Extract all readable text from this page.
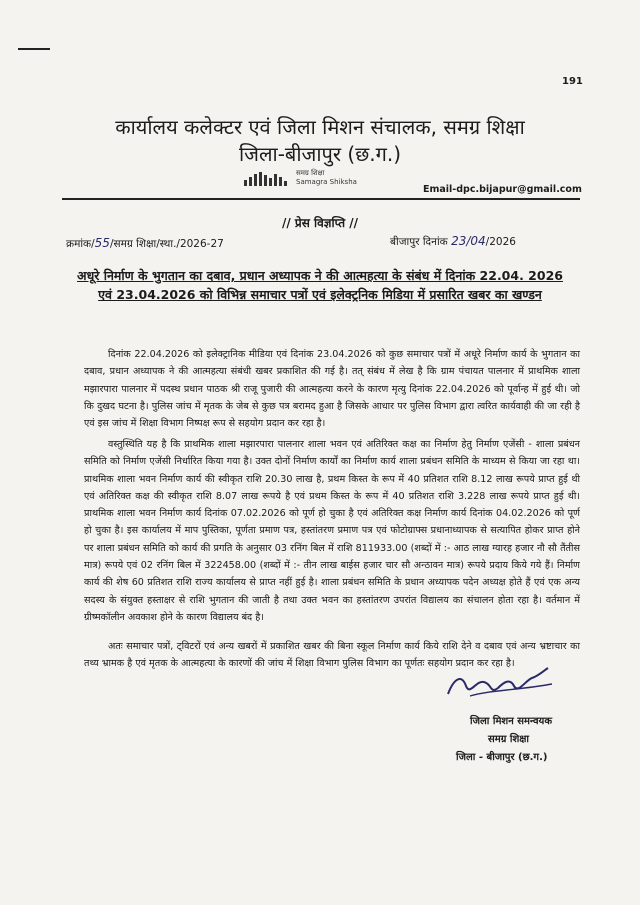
191
कार्यालय कलेक्टर एवं जिला मिशन संचालक, समग्र शिक्षा
जिला-बीजापुर (छ.ग.)
समग्र शिक्षा
Samagra Shiksha
Email-dpc.bijapur@gmail.com
// प्रेस विज्ञप्ति //
क्रमांक/55/समग्र शिक्षा/स्था./2026-27	बीजापुर दिनांक 23/04/2026
अधूरे निर्माण के भुगतान का दबाव, प्रधान अध्यापक ने की आत्महत्या के संबंध में दिनांक 22.04. 2026 एवं 23.04.2026 को विभिन्न समाचार पत्रों एवं इलेक्ट्रनिक मिडिया में प्रसारित खबर का खण्डन
दिनांक 22.04.2026 को इलेक्ट्रानिक मीडिया एवं दिनांक 23.04.2026 को कुछ समाचार पत्रों में अधूरे निर्माण कार्य के भुगतान का दबाव, प्रधान अध्यापक ने की आत्महत्या संबंधी खबर प्रकाशित की गई है। तत् संबंध में लेख है कि ग्राम पंचायत पालनार में प्राथमिक शाला मझारपारा पालनार में पदस्थ प्रधान पाठक श्री राजू पुजारी की आत्महत्या करने के कारण मृत्यु दिनांक 22.04.2026 को पूर्वान्ह में हुई थी। जो कि दुखद घटना है। पुलिस जांच में मृतक के जेब से कुछ पत्र बरामद हुआ है जिसके आधार पर पुलिस विभाग द्वारा त्वरित कार्यवाही की जा रही है एवं इस जांच में शिक्षा विभाग निष्पक्ष रूप से सहयोग प्रदान कर रहा है।
वस्तुस्थिति यह है कि प्राथमिक शाला मझारपारा पालनार शाला भवन एवं अतिरिक्त कक्ष का निर्माण हेतु निर्माण एजेंसी - शाला प्रबंधन समिति को निर्माण एजेंसी निर्धारित किया गया है। उक्त दोनों निर्माण कार्यों का निर्माण कार्य शाला प्रबंधन समिति के माध्यम से किया जा रहा था। प्राथमिक शाला भवन निर्माण कार्य की स्वीकृत राशि 20.30 लाख है, प्रथम किस्त के रूप में 40 प्रतिशत राशि 8.12 लाख रूपये प्राप्त हुई थी एवं अतिरिक्त कक्ष की स्वीकृत राशि 8.07 लाख रूपये है एवं प्रथम किस्त के रूप में 40 प्रतिशत राशि 3.228 लाख रूपये प्राप्त हुई थी। प्राथमिक शाला भवन निर्माण कार्य दिनांक 07.02.2026 को पूर्ण हो चुका है एवं अतिरिक्त कक्ष निर्माण कार्य दिनांक 04.02.2026 को पूर्ण हो चुका है। इस कार्यालय में माप पुस्तिका, पूर्णता प्रमाण पत्र, हस्तांतरण प्रमाण पत्र एवं फोटोग्राफ्स प्रधानाध्यापक से सत्यापित होकर प्राप्त होने पर शाला प्रबंधन समिति को कार्य की प्रगति के अनुसार 03 रनिंग बिल में राशि 811933.00 (शब्दों में :- आठ लाख ग्यारह हजार नौ सौ तैंतीस मात्र) रूपये एवं 02 रनिंग बिल में 322458.00 (शब्दों में :- तीन लाख बाईस हजार चार सौ अन्ठावन मात्र) रूपये प्रदाय किये गये हैं। निर्माण कार्य की शेष 60 प्रतिशत राशि राज्य कार्यालय से प्राप्त नहीं हुई है। शाला प्रबंधन समिति के प्रधान अध्यापक पदेन अध्यक्ष होते हैं एवं एक अन्य सदस्य के संयुक्त हस्ताक्षर से राशि भुगतान की जाती है तथा उक्त भवन का हस्तांतरण उपरांत विद्यालय का संचालन होता रहा है। वर्तमान में ग्रीष्मकॉलीन अवकाश होने के कारण विद्यालय बंद है।
अतः समाचार पत्रों, ट्विटरों एवं अन्य खबरों में प्रकाशित खबर की बिना स्कूल निर्माण कार्य किये राशि देने व दबाव एवं अन्य भ्रष्टाचार का तथ्य भ्रामक है एवं मृतक के आत्महत्या के कारणों की जांच में शिक्षा विभाग पुलिस विभाग का पूर्णतः सहयोग प्रदान कर रहा है।
जिला मिशन समन्वयक
समग्र शिक्षा
जिला - बीजापुर (छ.ग.)
